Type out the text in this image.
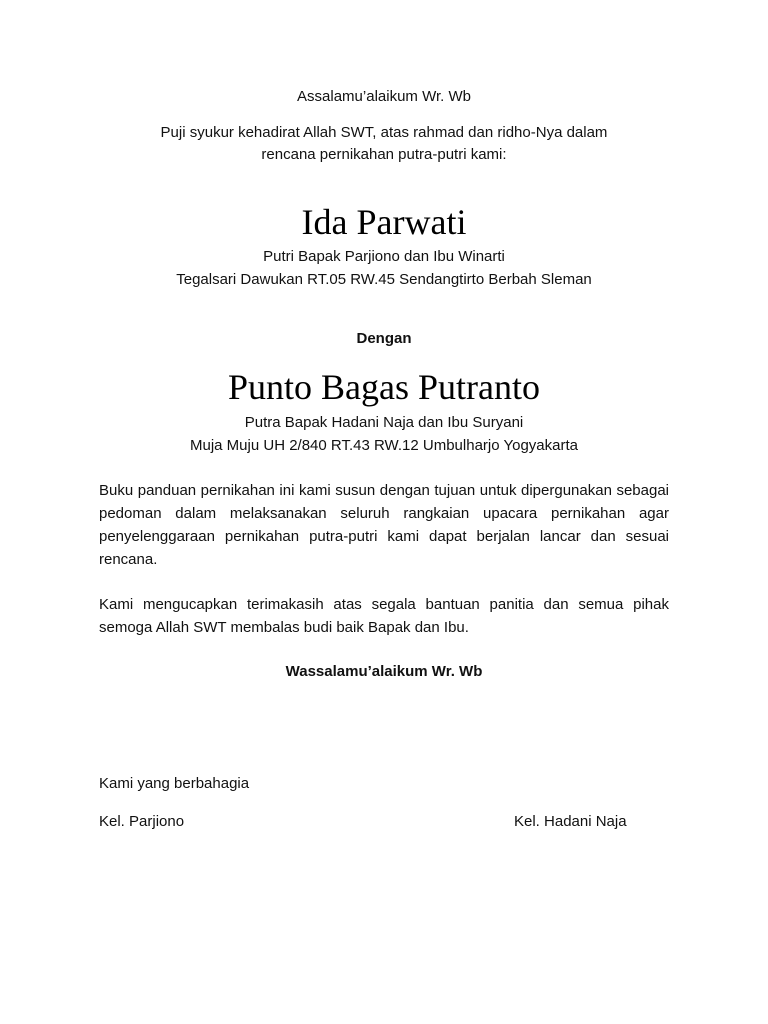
Assalamu’alaikum Wr. Wb
Puji syukur kehadirat Allah SWT, atas rahmad dan ridho-Nya dalam
rencana pernikahan putra-putri kami:
Ida Parwati
Putri Bapak Parjiono dan Ibu Winarti
Tegalsari Dawukan RT.05 RW.45 Sendangtirto Berbah Sleman
Dengan
Punto Bagas Putranto
Putra Bapak Hadani Naja dan Ibu Suryani
Muja Muju UH 2/840 RT.43 RW.12 Umbulharjo Yogyakarta
Buku panduan pernikahan ini kami susun dengan tujuan untuk dipergunakan sebagai pedoman dalam melaksanakan seluruh rangkaian upacara pernikahan agar penyelenggaraan pernikahan putra-putri kami dapat berjalan lancar dan sesuai rencana.
Kami mengucapkan terimakasih atas segala bantuan panitia dan semua pihak semoga Allah SWT membalas budi baik Bapak dan Ibu.
Wassalamu’alaikum Wr. Wb
Kami yang berbahagia
Kel. Parjiono	Kel. Hadani Naja
